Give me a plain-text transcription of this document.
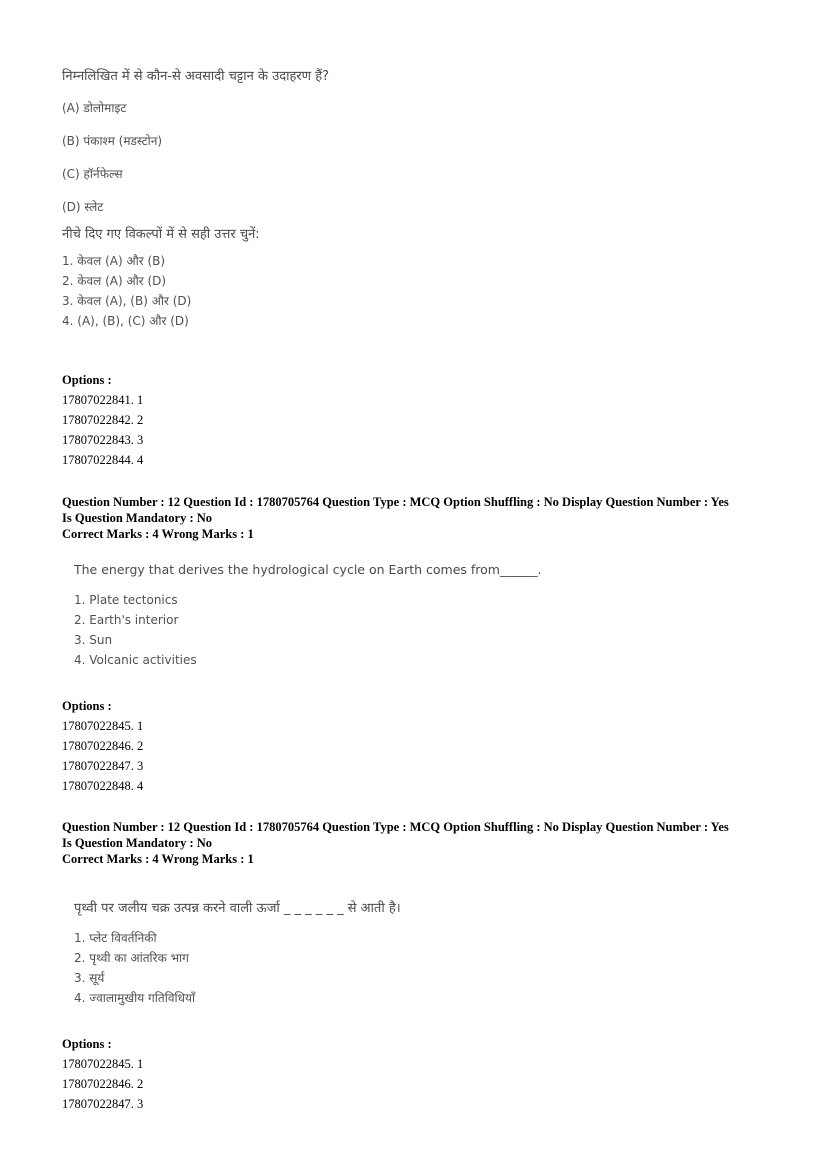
निम्नलिखित में से कौन-से अवसादी चट्टान के उदाहरण हैं?
(A) डोलोमाइट
(B) पंकाश्म (मडस्टोन)
(C) हॉर्नफेल्स
(D) स्लेट
नीचे दिए गए विकल्पों में से सही उत्तर चुनें:
1. केवल (A) और (B)
2. केवल (A) और (D)
3. केवल (A), (B) और (D)
4. (A), (B), (C) और (D)
Options :
17807022841. 1
17807022842. 2
17807022843. 3
17807022844. 4
Question Number : 12 Question Id : 1780705764 Question Type : MCQ Option Shuffling : No Display Question Number : Yes
Is Question Mandatory : No
Correct Marks : 4 Wrong Marks : 1
The energy that derives the hydrological cycle on Earth comes from______.
1. Plate tectonics
2. Earth's interior
3. Sun
4. Volcanic activities
Options :
17807022845. 1
17807022846. 2
17807022847. 3
17807022848. 4
Question Number : 12 Question Id : 1780705764 Question Type : MCQ Option Shuffling : No Display Question Number : Yes
Is Question Mandatory : No
Correct Marks : 4 Wrong Marks : 1
पृथ्वी पर जलीय चक्र उत्पन्न करने वाली ऊर्जा _ _ _ _ _ _ से आती है।
1. प्लेट विवर्तनिकी
2. पृथ्वी का आंतरिक भाग
3. सूर्य
4. ज्वालामुखीय गतिविधियाँ
Options :
17807022845. 1
17807022846. 2
17807022847. 3
